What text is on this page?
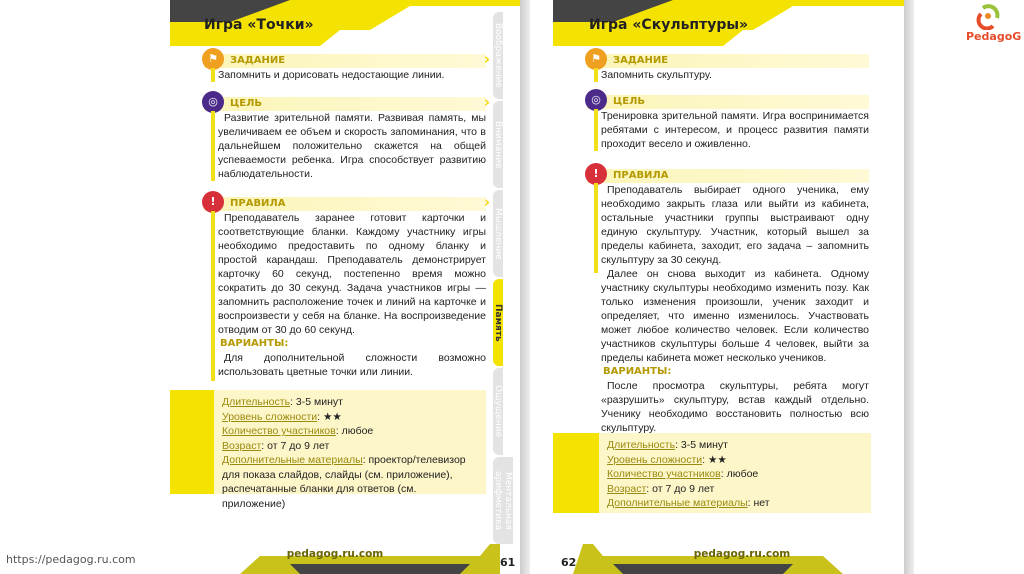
Игра «Точки»
⚑	ЗАДАНИЕ	›
Запомнить и дорисовать недостающие линии.
◎	ЦЕЛЬ	›

Развитие зрительной памяти. Развивая память, мы увеличиваем ее объем и скорость запоминания, что в дальнейшем положительно скажется на общей успеваемости ребенка. Игра способствует развитию наблюдательности.

!	ПРАВИЛА	›

Преподаватель заранее готовит карточки и соответствующие бланки. Каждому участнику игры необходимо предоставить по одному бланку и простой карандаш. Преподаватель демонстрирует карточку 60 секунд, постепенно время можно сократить до 30 секунд. Задача участников игры — запомнить расположение точек и линий на карточке и воспроизвести у себя на бланке. На воспроизведение отводим от 30 до 60 секунд.

ВАРИАНТЫ:

Для дополнительной сложности возможно использовать цветные точки или линии.

Длительность: 3-5 минут
Уровень сложности: ★★
Количество участников: любое
Возраст: от 7 до 9 лет
Дополнительные материалы: проектор/телевизор для показа слайдов, слайды (см. приложение), распечатанные бланки для ответов (см. приложение)
Воображение
Внимание
Мышление
Память
Ощущение
Ментальная арифметика
pedagog.ru.com
61
Игра «Скульптуры»
⚑	ЗАДАНИЕ
Запомнить скульптуру.
◎	ЦЕЛЬ
Тренировка зрительной памяти. Игра воспринимается ребятами с интересом, и процесс развития памяти проходит весело и оживленно.
!	ПРАВИЛА

Преподаватель выбирает одного ученика, ему необходимо закрыть глаза или выйти из кабинета, остальные участники группы выстраивают одну единую скульптуру. Участник, который вышел за пределы кабинета, заходит, его задача – запомнить скульптуру за 30 секунд.

Далее он снова выходит из кабинета. Одному участнику скульптуры необходимо изменить позу. Как только изменения произошли, ученик заходит и определяет, что именно изменилось. Участвовать может любое количество человек. Если количество участников скульптуры больше 4 человек, выйти за пределы кабинета может несколько учеников.

ВАРИАНТЫ:

После просмотра скульптуры, ребята могут «разрушить» скульптуру, встав каждый отдельно. Ученику необходимо восстановить полностью всю скульптуру.

Длительность: 3-5 минут
Уровень сложности: ★★
Количество участников: любое
Возраст: от 7 до 9 лет
Дополнительные материалы: нет
pedagog.ru.com
62
PedagoG
https://pedagog.ru.com
